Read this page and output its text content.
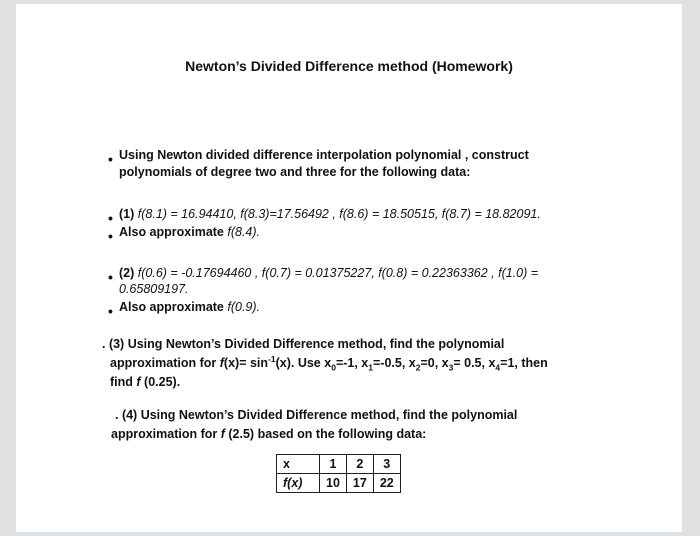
Newton’s Divided Difference method (Homework)
• Using Newton divided difference interpolation polynomial , construct
polynomials of degree two and three for the following data:
• (1) f(8.1) = 16.94410, f(8.3)=17.56492 , f(8.6) = 18.50515, f(8.7) = 18.82091.
• Also approximate f(8.4).
• (2) f(0.6) = -0.17694460 , f(0.7) = 0.01375227, f(0.8) = 0.22363362 , f(1.0) =
0.65809197.
• Also approximate f(0.9).
. (3) Using Newton’s Divided Difference method, find the polynomial
approximation for $f(x)= \sin^{-1}(x)$. Use $x_0=-1$, $x_1=-0.5$, $x_2=0$, $x_3= 0.5$, $x_4=1$, then
find f (0.25).
. (4) Using Newton’s Divided Difference method, find the polynomial
approximation for f (2.5) based on the following data:
x	1	2	3
f(x)	10	17	22
